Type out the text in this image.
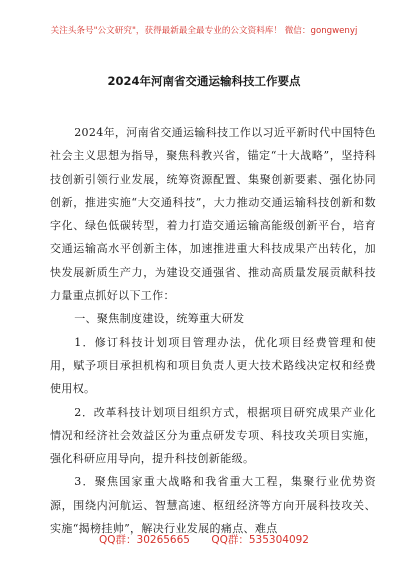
关注头条号"公文研究"，获得最新最全最专业的公文资料库！ 微信：gongwenyj
2024年河南省交通运输科技工作要点

2024年，河南省交通运输科技工作以习近平新时代中国特色社会主义思想为指导，聚焦科教兴省，锚定“十大战略”，坚持科技创新引领行业发展，统筹资源配置、集聚创新要素、强化协同创新，推进实施“大交通科技”，大力推动交通运输科技创新和数字化、绿色低碳转型，着力打造交通运输高能级创新平台，培育交通运输高水平创新主体，加速推进重大科技成果产出转化，加快发展新质生产力，为建设交通强省、推动高质量发展贡献科技力量重点抓好以下工作：

一、聚焦制度建设，统筹重大研发

1．修订科技计划项目管理办法，优化项目经费管理和使用，赋予项目承担机构和项目负责人更大技术路线决定权和经费使用权。

2．改革科技计划项目组织方式，根据项目研究成果产业化情况和经济社会效益区分为重点研发专项、科技攻关项目实施，强化科研应用导向，提升科技创新能级。

3．聚焦国家重大战略和我省重大工程，集聚行业优势资源，围绕内河航运、智慧高速、枢纽经济等方向开展科技攻关、实施“揭榜挂帅”，解决行业发展的痛点、难点

QQ群：30265665 QQ群：535304092
